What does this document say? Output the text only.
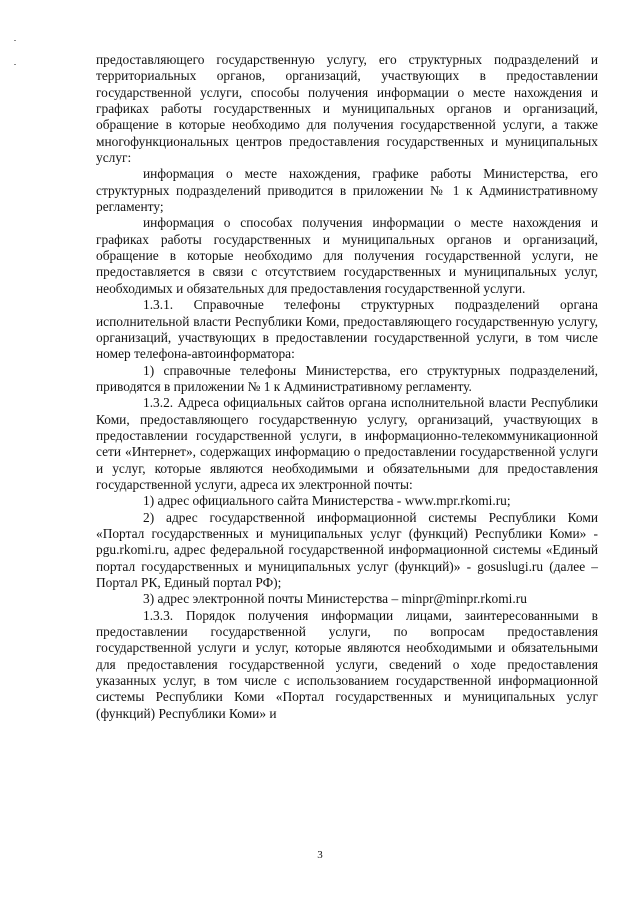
предоставляющего государственную услугу, его структурных подразделений и территориальных органов, организаций, участвующих в предоставлении государственной услуги, способы получения информации о месте нахождения и графиках работы государственных и муниципальных органов и организаций, обращение в которые необходимо для получения государственной услуги, а также многофункциональных центров предоставления государственных и муниципальных услуг:

информация о месте нахождения, графике работы Министерства, его структурных подразделений приводится в приложении № 1 к Административному регламенту;

информация о способах получения информации о месте нахождения и графиках работы государственных и муниципальных органов и организаций, обращение в которые необходимо для получения государственной услуги, не предоставляется в связи с отсутствием государственных и муниципальных услуг, необходимых и обязательных для предоставления государственной услуги.

1.3.1. Справочные телефоны структурных подразделений органа исполнительной власти Республики Коми, предоставляющего государственную услугу, организаций, участвующих в предоставлении государственной услуги, в том числе номер телефона-автоинформатора:

1) справочные телефоны Министерства, его структурных подразделений, приводятся в приложении № 1 к Административному регламенту.

1.3.2. Адреса официальных сайтов органа исполнительной власти Республики Коми, предоставляющего государственную услугу, организаций, участвующих в предоставлении государственной услуги, в информационно-телекоммуникационной сети «Интернет», содержащих информацию о предоставлении государственной услуги и услуг, которые являются необходимыми и обязательными для предоставления государственной услуги, адреса их электронной почты:

1) адрес официального сайта Министерства - www.mpr.rkomi.ru;

2) адрес государственной информационной системы Республики Коми «Портал государственных и муниципальных услуг (функций) Республики Коми» - pgu.rkomi.ru, адрес федеральной государственной информационной системы «Единый портал государственных и муниципальных услуг (функций)» - gosuslugi.ru (далее – Портал РК, Единый портал РФ);

3) адрес электронной почты Министерства – minpr@minpr.rkomi.ru

1.3.3. Порядок получения информации лицами, заинтересованными в предоставлении государственной услуги, по вопросам предоставления государственной услуги и услуг, которые являются необходимыми и обязательными для предоставления государственной услуги, сведений о ходе предоставления указанных услуг, в том числе с использованием государственной информационной системы Республики Коми «Портал государственных и муниципальных услуг (функций) Республики Коми» и

3
